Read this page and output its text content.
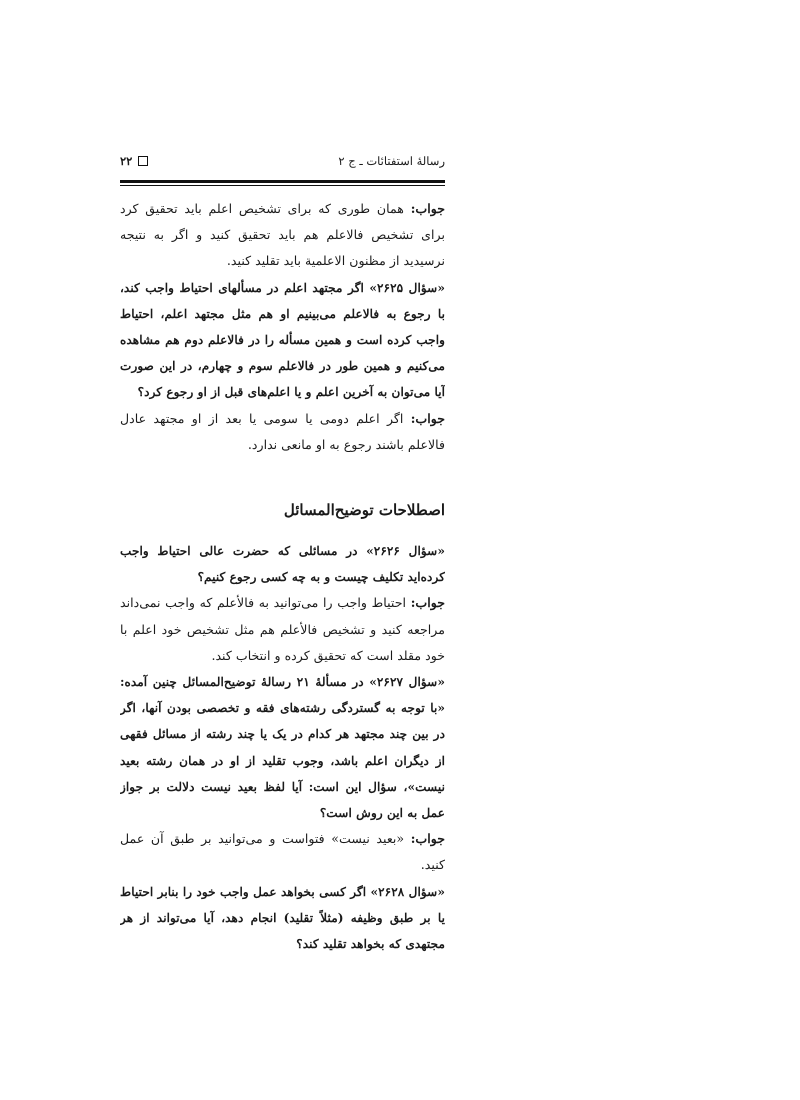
۲۲	رسالهٔ استفتائات ـ ج ۲

جواب: همان طوری که برای تشخیص اعلم باید تحقیق کرد برای تشخیص فالاعلم هم باید تحقیق کنید و اگر به نتیجه نرسیدید از مظنون الاعلمیة باید تقلید کنید.

«سؤال ۲۶۲۵» اگر مجتهد اعلم در مسألهای احتیاط واجب کند، با رجوع به فالاعلم می‌بینیم او هم مثل مجتهد اعلم، احتیاط واجب کرده است و همین مسأله را در فالاعلم دوم هم مشاهده می‌کنیم و همین طور در فالاعلم سوم و چهارم، در این صورت آیا می‌توان به آخرین اعلم و یا اعلم‌های قبل از او رجوع کرد؟

جواب: اگر اعلم دومی یا سومی یا بعد از او مجتهد عادل فالاعلم باشند رجوع به او مانعی ندارد.

اصطلاحات توضیح‌المسائل

«سؤال ۲۶۲۶» در مسائلی که حضرت عالی احتیاط واجب کرده‌اید تکلیف چیست و به چه کسی رجوع کنیم؟

جواب: احتیاط واجب را می‌توانید به فالأعلم که واجب نمی‌داند مراجعه کنید و تشخیص فالأعلم هم مثل تشخیص خود اعلم با خود مقلد است که تحقیق کرده و انتخاب کند.

«سؤال ۲۶۲۷» در مسألهٔ ۲۱ رسالهٔ توضیح‌المسائل چنین آمده: «با توجه به گستردگی رشته‌های فقه و تخصصی بودن آنها، اگر در بین چند مجتهد هر کدام در یک یا چند رشته از مسائل فقهی از دیگران اعلم باشد، وجوب تقلید از او در همان رشته بعید نیست»، سؤال این است: آیا لفظ بعید نیست دلالت بر جواز عمل به این روش است؟

جواب: «بعید نیست» فتواست و می‌توانید بر طبق آن عمل کنید.

«سؤال ۲۶۲۸» اگر کسی بخواهد عمل واجب خود را بنابر احتیاط یا بر طبق وظیفه (مثلاً تقلید) انجام دهد، آیا می‌تواند از هر مجتهدی که بخواهد تقلید کند؟
